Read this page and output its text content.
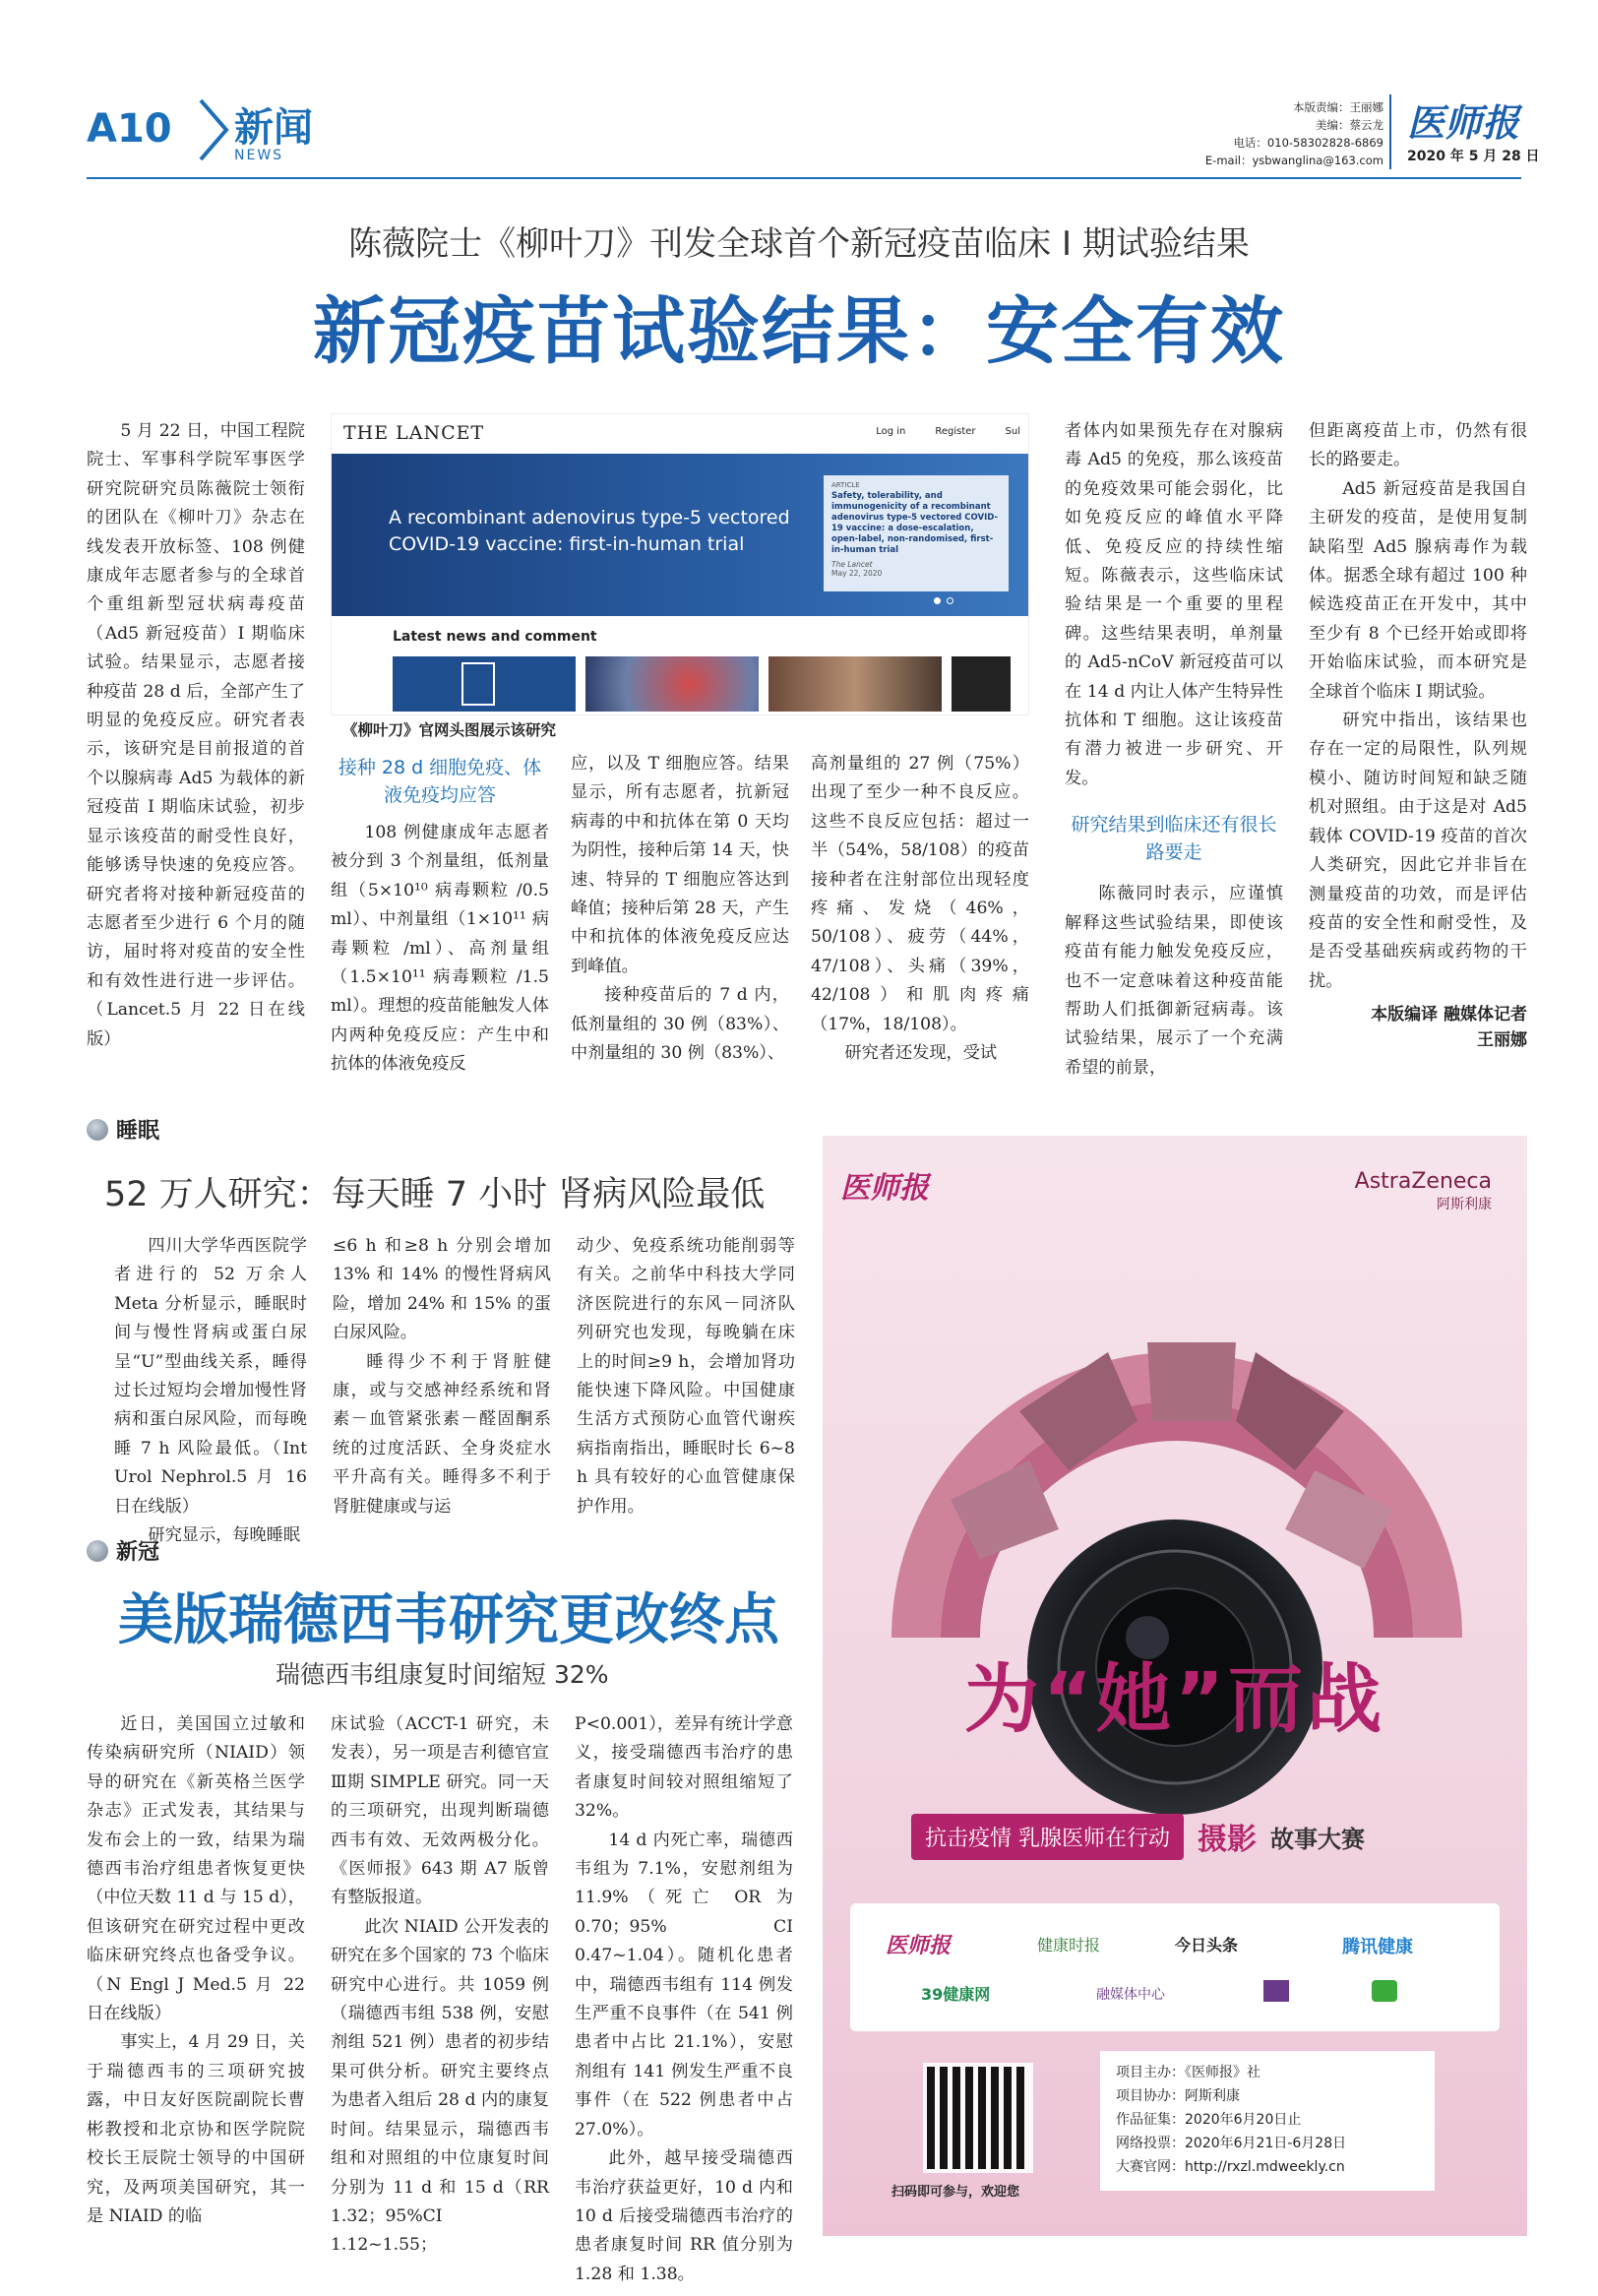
A10 新闻
NEWS
本版责编：王丽娜
美编：蔡云龙
电话：010-58302828-6869
E-mail：ysbwanglina@163.com
医师报
2020 年 5 月 28 日
陈薇院士《柳叶刀》刊发全球首个新冠疫苗临床 I 期试验结果
新冠疫苗试验结果：安全有效
THE LANCET	Log in	Register	Sul
A recombinant adenovirus type-5 vectored COVID-19 vaccine: first-in-human trial
ARTICLE
Safety, tolerability, and immunogenicity of a recombinant adenovirus type-5 vectored COVID-19 vaccine: a dose-escalation, open-label, non-randomised, first-in-human trial
The Lancet
May 22, 2020
Latest news and comment
《柳叶刀》官网头图展示该研究

5 月 22 日，中国工程院院士、军事科学院军事医学研究院研究员陈薇院士领衔的团队在《柳叶刀》杂志在线发表开放标签、108 例健康成年志愿者参与的全球首个重组新型冠状病毒疫苗（Ad5 新冠疫苗）I 期临床试验。结果显示，志愿者接种疫苗 28 d 后，全部产生了明显的免疫反应。研究者表示，该研究是目前报道的首个以腺病毒 Ad5 为载体的新冠疫苗 I 期临床试验，初步显示该疫苗的耐受性良好，能够诱导快速的免疫应答。研究者将对接种新冠疫苗的志愿者至少进行 6 个月的随访，届时将对疫苗的安全性和有效性进行进一步评估。（Lancet.5 月 22 日在线版）

接种 28 d 细胞免疫、体液免疫均应答

108 例健康成年志愿者被分到 3 个剂量组，低剂量组（5×10¹⁰ 病毒颗粒 /0.5 ml）、中剂量组（1×10¹¹ 病毒颗粒 /ml）、高剂量组（1.5×10¹¹ 病毒颗粒 /1.5 ml）。理想的疫苗能触发人体内两种免疫反应：产生中和抗体的体液免疫反

应，以及 T 细胞应答。结果显示，所有志愿者，抗新冠病毒的中和抗体在第 0 天均为阴性，接种后第 14 天，快速、特异的 T 细胞应答达到峰值；接种后第 28 天，产生中和抗体的体液免疫反应达到峰值。

接种疫苗后的 7 d 内，低剂量组的 30 例（83%）、中剂量组的 30 例（83%）、

高剂量组的 27 例（75%）出现了至少一种不良反应。这些不良反应包括：超过一半（54%，58/108）的疫苗接种者在注射部位出现轻度疼痛、发烧（46%，50/108）、疲劳（44%，47/108）、头痛（39%，42/108）和肌肉疼痛（17%，18/108）。

研究者还发现，受试

者体内如果预先存在对腺病毒 Ad5 的免疫，那么该疫苗的免疫效果可能会弱化，比如免疫反应的峰值水平降低、免疫反应的持续性缩短。陈薇表示，这些临床试验结果是一个重要的里程碑。这些结果表明，单剂量的 Ad5-nCoV 新冠疫苗可以在 14 d 内让人体产生特异性抗体和 T 细胞。这让该疫苗有潜力被进一步研究、开发。

研究结果到临床还有很长路要走

陈薇同时表示，应谨慎解释这些试验结果，即使该疫苗有能力触发免疫反应，也不一定意味着这种疫苗能帮助人们抵御新冠病毒。该试验结果，展示了一个充满希望的前景，

但距离疫苗上市，仍然有很长的路要走。

Ad5 新冠疫苗是我国自主研发的疫苗，是使用复制缺陷型 Ad5 腺病毒作为载体。据悉全球有超过 100 种候选疫苗正在开发中，其中至少有 8 个已经开始或即将开始临床试验，而本研究是全球首个临床 I 期试验。

研究中指出，该结果也存在一定的局限性，队列规模小、随访时间短和缺乏随机对照组。由于这是对 Ad5 载体 COVID-19 疫苗的首次人类研究，因此它并非旨在测量疫苗的功效，而是评估疫苗的安全性和耐受性，及是否受基础疾病或药物的干扰。

本版编译 融媒体记者
王丽娜
睡眠
52 万人研究：每天睡 7 小时 肾病风险最低

四川大学华西医院学者进行的 52 万余人 Meta 分析显示，睡眠时间与慢性肾病或蛋白尿呈“U”型曲线关系，睡得过长过短均会增加慢性肾病和蛋白尿风险，而每晚睡 7 h 风险最低。（Int Urol Nephrol.5 月 16 日在线版）

研究显示，每晚睡眠

≤6 h 和≥8 h 分别会增加 13% 和 14% 的慢性肾病风险，增加 24% 和 15% 的蛋白尿风险。

睡得少不利于肾脏健康，或与交感神经系统和肾素－血管紧张素－醛固酮系统的过度活跃、全身炎症水平升高有关。睡得多不利于肾脏健康或与运

动少、免疫系统功能削弱等有关。之前华中科技大学同济医院进行的东风－同济队列研究也发现，每晚躺在床上的时间≥9 h，会增加肾功能快速下降风险。中国健康生活方式预防心血管代谢疾病指南指出，睡眠时长 6~8 h 具有较好的心血管健康保护作用。

新冠
美版瑞德西韦研究更改终点
瑞德西韦组康复时间缩短 32%

近日，美国国立过敏和传染病研究所（NIAID）领导的研究在《新英格兰医学杂志》正式发表，其结果与发布会上的一致，结果为瑞德西韦治疗组患者恢复更快（中位天数 11 d 与 15 d），但该研究在研究过程中更改临床研究终点也备受争议。（N Engl J Med.5 月 22 日在线版）

事实上，4 月 29 日，关于瑞德西韦的三项研究披露，中日友好医院副院长曹彬教授和北京协和医学院院校长王辰院士领导的中国研究，及两项美国研究，其一是 NIAID 的临

床试验（ACCT-1 研究，未发表），另一项是吉利德官宣Ⅲ期 SIMPLE 研究。同一天的三项研究，出现判断瑞德西韦有效、无效两极分化。《医师报》643 期 A7 版曾有整版报道。

此次 NIAID 公开发表的研究在多个国家的 73 个临床研究中心进行。共 1059 例（瑞德西韦组 538 例，安慰剂组 521 例）患者的初步结果可供分析。研究主要终点为患者入组后 28 d 内的康复时间。结果显示，瑞德西韦组和对照组的中位康复时间分别为 11 d 和 15 d（RR 1.32；95%CI 1.12~1.55；

P<0.001），差异有统计学意义，接受瑞德西韦治疗的患者康复时间较对照组缩短了 32%。

14 d 内死亡率，瑞德西韦组为 7.1%，安慰剂组为 11.9%（死亡 OR 为 0.70；95% CI 0.47~1.04）。随机化患者中，瑞德西韦组有 114 例发生严重不良事件（在 541 例患者中占比 21.1%），安慰剂组有 141 例发生严重不良事件（在 522 例患者中占 27.0%）。

此外，越早接受瑞德西韦治疗获益更好，10 d 内和 10 d 后接受瑞德西韦治疗的患者康复时间 RR 值分别为 1.28 和 1.38。

医师报	AstraZeneca
阿斯利康
为“她”而战
抗击疫情 乳腺医师在行动 摄影 故事大赛
医师报	健康时报	今日头条	腾讯健康
39健康网	融媒体中心
扫码即可参与，欢迎您
项目主办：《医师报》社
项目协办：阿斯利康
作品征集：2020年6月20日止
网络投票：2020年6月21日-6月28日
大赛官网：http://rxzl.mdweekly.cn
